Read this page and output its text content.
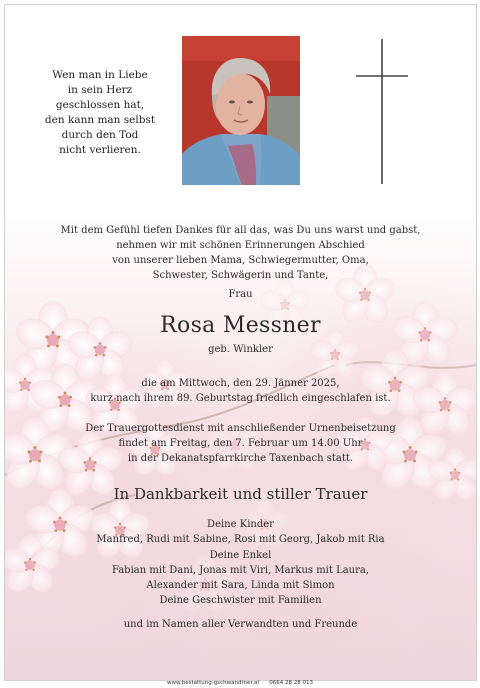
Wen man in Liebe
in sein Herz
geschlossen hat,
den kann man selbst
durch den Tod
nicht verlieren.
Mit dem Gefühl tiefen Dankes für all das, was Du uns warst und gabst,
nehmen wir mit schönen Erinnerungen Abschied
von unserer lieben Mama, Schwiegermutter, Oma,
Schwester, Schwägerin und Tante,
Frau
Rosa Messner
geb. Winkler
die am Mittwoch, den 29. Jänner 2025,
kurz nach ihrem 89. Geburtstag friedlich eingeschlafen ist.
Der Trauergottesdienst mit anschließender Urnenbeisetzung
findet am Freitag, den 7. Februar um 14.00 Uhr
in der Dekanatspfarrkirche Taxenbach statt.
In Dankbarkeit und stiller Trauer
Deine Kinder
Manfred, Rudi mit Sabine, Rosi mit Georg, Jakob mit Ria
Deine Enkel
Fabian mit Dani, Jonas mit Viri, Markus mit Laura,
Alexander mit Sara, Linda mit Simon
Deine Geschwister mit Familien
und im Namen aller Verwandten und Freunde
www.bestattung-gschwandtner.at 0664 28 28 013
